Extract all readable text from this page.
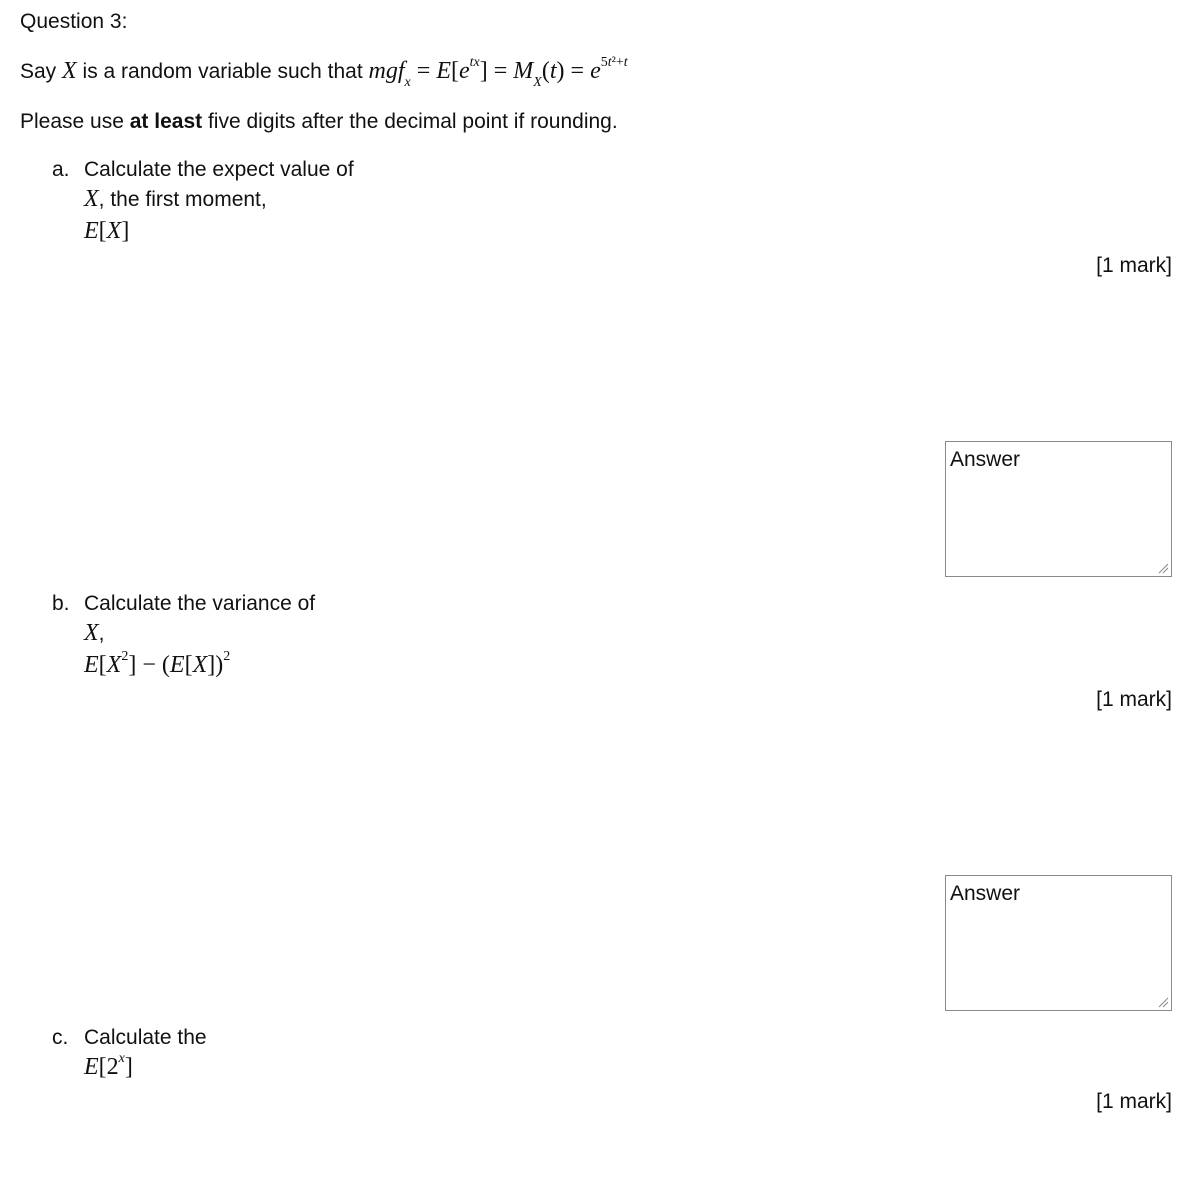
Question 3:
Say X is a random variable such that $mgf_x = E[e^{tx}] = M_X(t) = e^{5t^2+t}$
Please use at least five digits after the decimal point if rounding.
a. Calculate the expect value of
X, the first moment,
E[X]
[1 mark]
Answer
b. Calculate the variance of
X,
$E[X^2] - (E[X])^2$
[1 mark]
Answer
c. Calculate the
E[2$^x$]
[1 mark]
